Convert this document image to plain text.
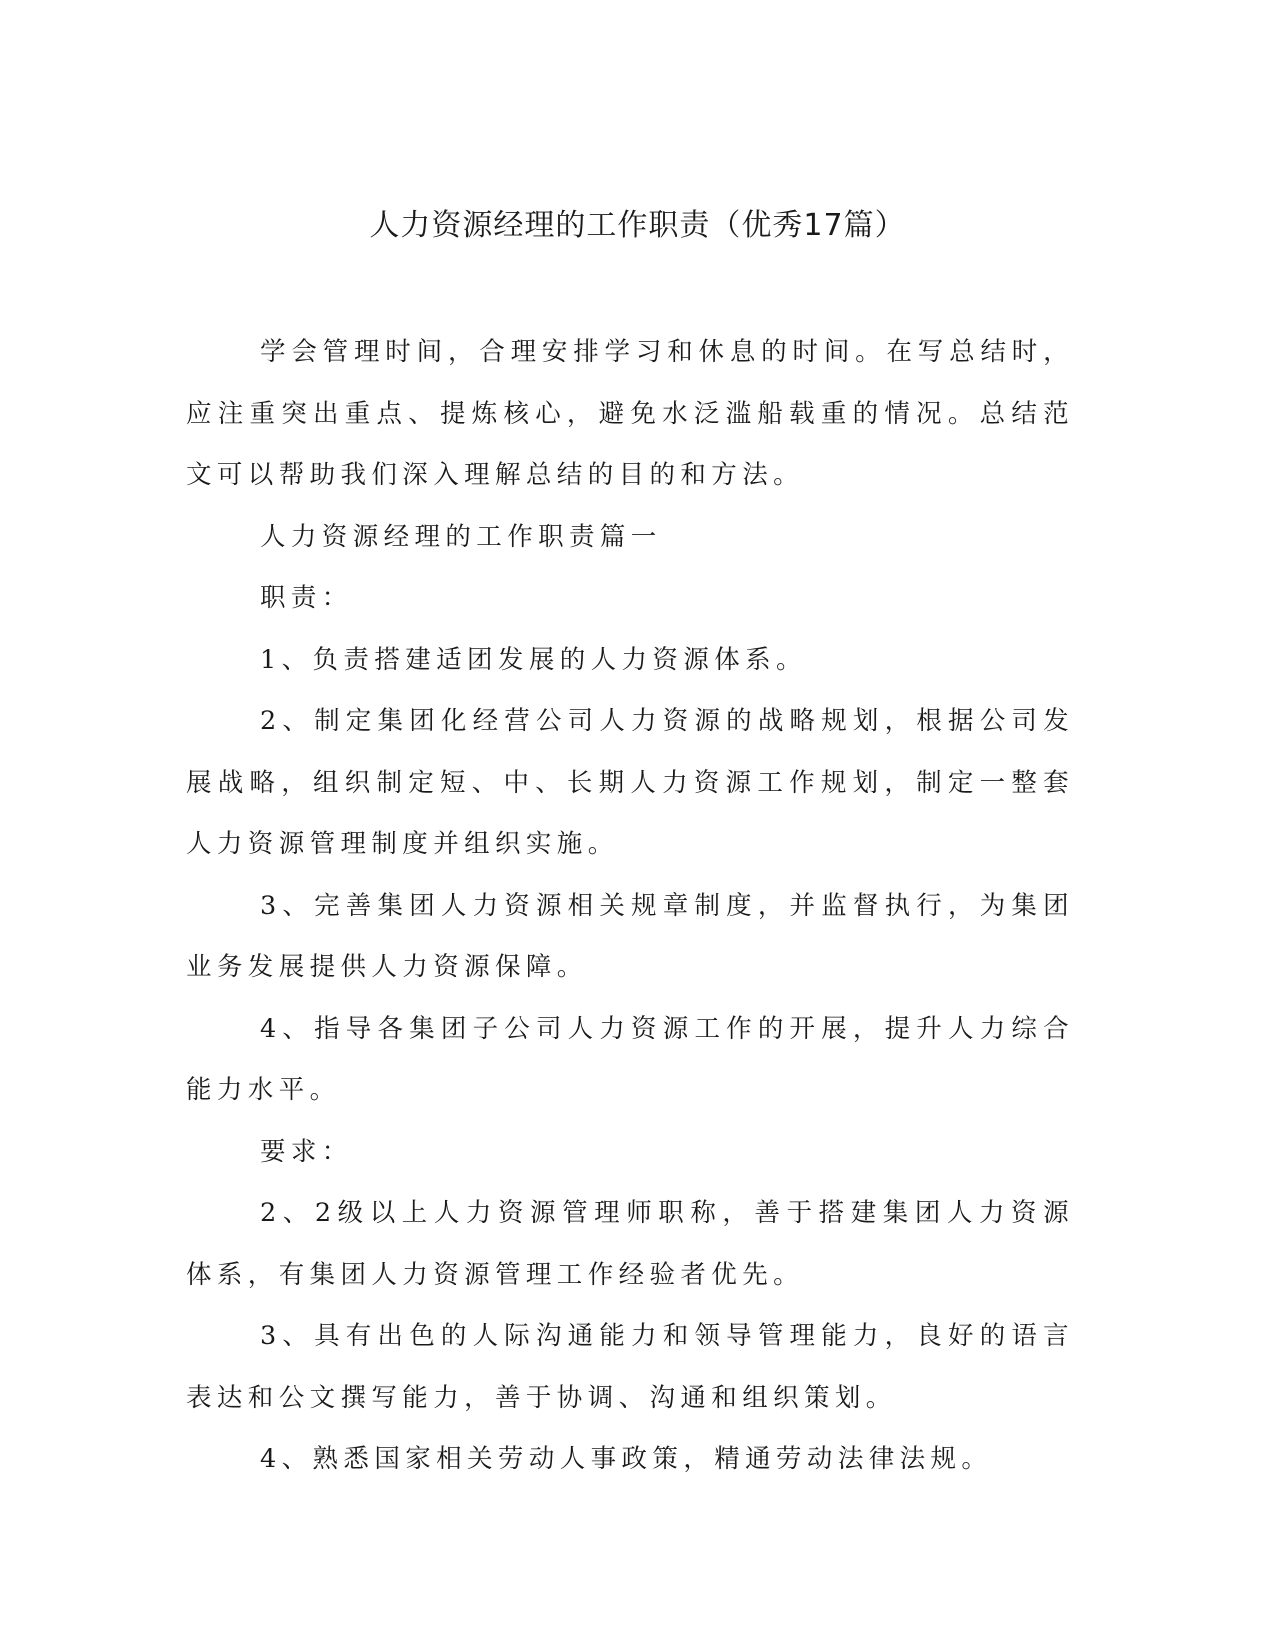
人力资源经理的工作职责（优秀17篇）

学会管理时间，合理安排学习和休息的时间。在写总结时，应注重突出重点、提炼核心，避免水泛滥船载重的情况。总结范文可以帮助我们深入理解总结的目的和方法。

人力资源经理的工作职责篇一

职责：

1、负责搭建适团发展的人力资源体系。

2、制定集团化经营公司人力资源的战略规划，根据公司发展战略，组织制定短、中、长期人力资源工作规划，制定一整套人力资源管理制度并组织实施。

3、完善集团人力资源相关规章制度，并监督执行，为集团业务发展提供人力资源保障。

4、指导各集团子公司人力资源工作的开展，提升人力综合能力水平。

要求：

2、2级以上人力资源管理师职称，善于搭建集团人力资源体系，有集团人力资源管理工作经验者优先。

3、具有出色的人际沟通能力和领导管理能力，良好的语言表达和公文撰写能力，善于协调、沟通和组织策划。

4、熟悉国家相关劳动人事政策，精通劳动法律法规。
